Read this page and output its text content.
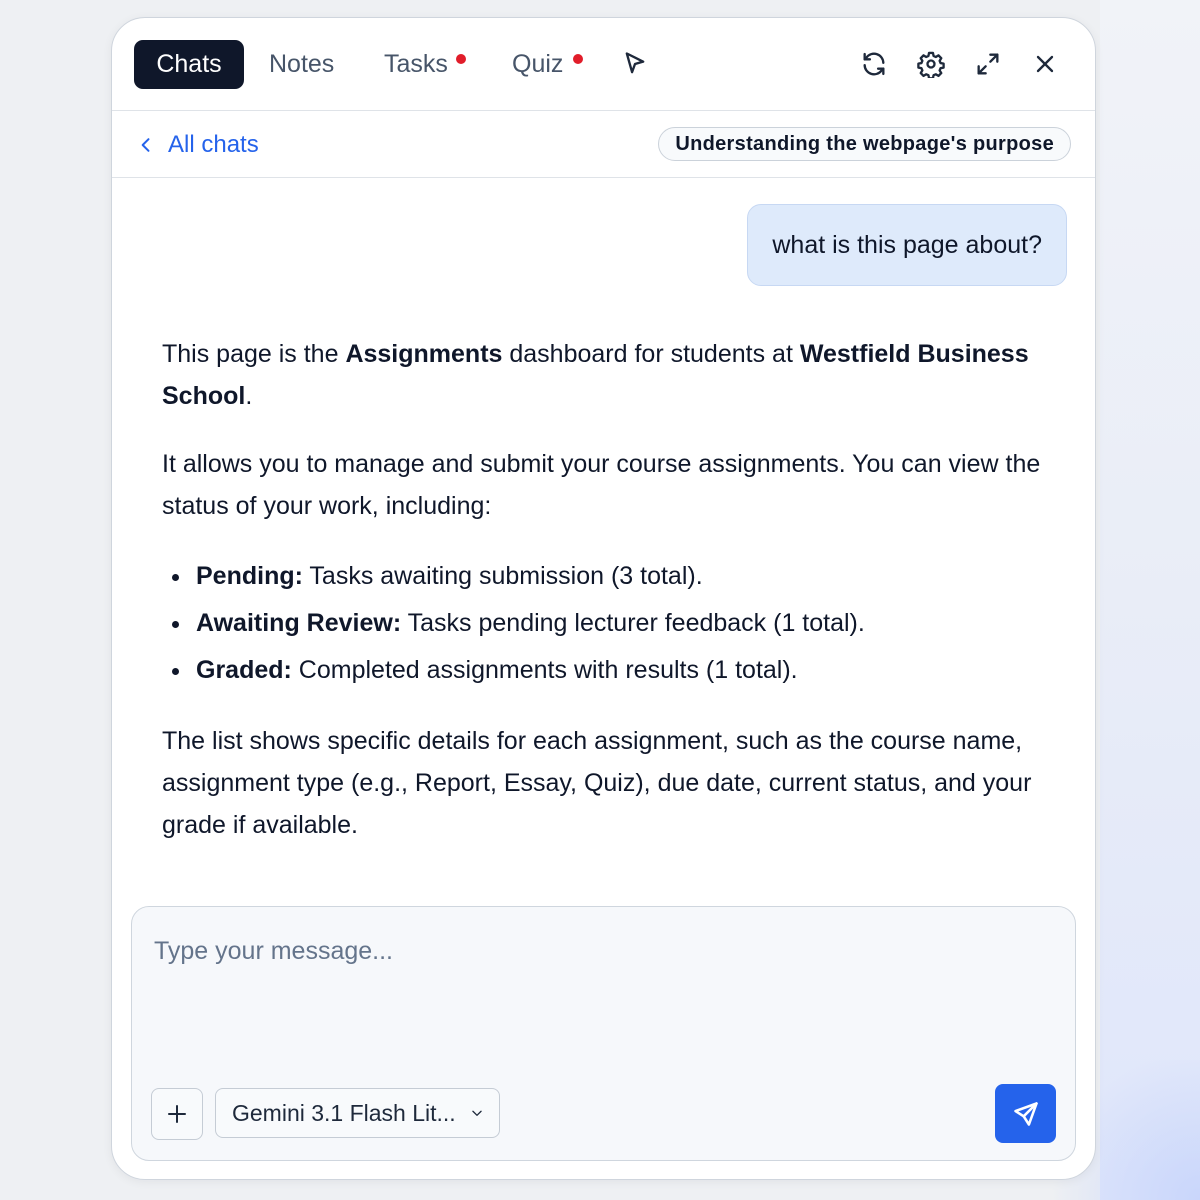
Chats	Notes Tasks	Quiz
All chats	Understanding the webpage's purpose
what is this page about?

This page is the Assignments dashboard for students at Westfield Business School.

It allows you to manage and submit your course assignments. You can view the status of your work, including:

Pending: Tasks awaiting submission (3 total).
Awaiting Review: Tasks pending lecturer feedback (1 total).
Graded: Completed assignments with results (1 total).

The list shows specific details for each assignment, such as the course name, assignment type (e.g., Report, Essay, Quiz), due date, current status, and your grade if available.

Type your message...
Gemini 3.1 Flash Lit...
